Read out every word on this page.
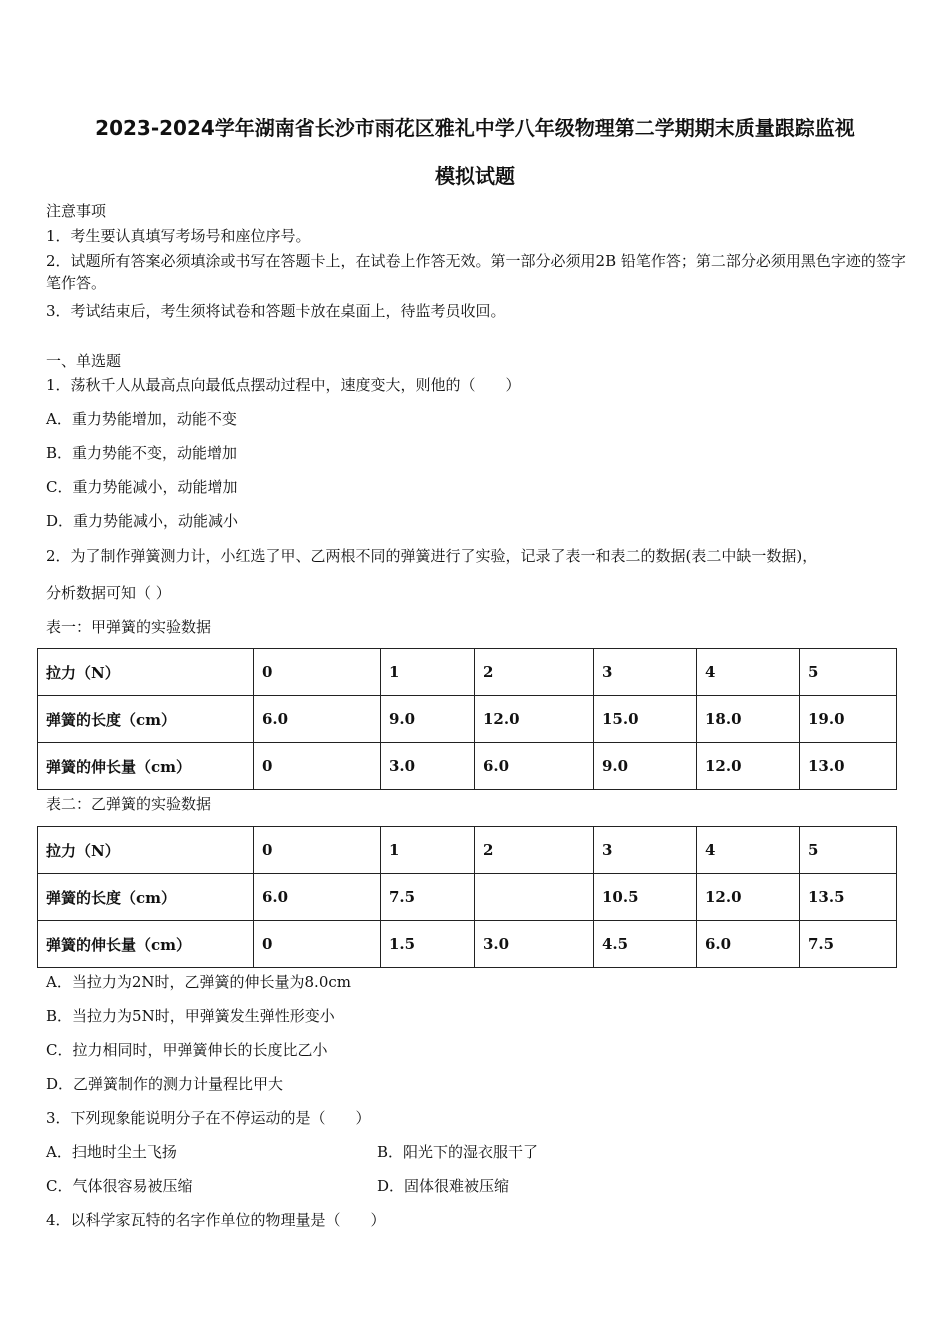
2023-2024学年湖南省长沙市雨花区雅礼中学八年级物理第二学期期末质量跟踪监视
模拟试题
注意事项
1．考生要认真填写考场号和座位序号。
2．试题所有答案必须填涂或书写在答题卡上，在试卷上作答无效。第一部分必须用2B 铅笔作答；第二部分必须用黑色字迹的签字笔作答。
3．考试结束后，考生须将试卷和答题卡放在桌面上，待监考员收回。
一、单选题
1．荡秋千人从最高点向最低点摆动过程中，速度变大，则他的（　　）
A．重力势能增加，动能不变
B．重力势能不变，动能增加
C．重力势能减小，动能增加
D．重力势能减小，动能减小
2．为了制作弹簧测力计，小红选了甲、乙两根不同的弹簧进行了实验，记录了表一和表二的数据(表二中缺一数据)，
分析数据可知（ ）
表一：甲弹簧的实验数据
拉力（N）	0	1	2	3	4	5
弹簧的长度（cm）	6.0	9.0	12.0	15.0	18.0	19.0
弹簧的伸长量（cm）	0	3.0	6.0	9.0	12.0	13.0
表二：乙弹簧的实验数据
拉力（N）	0	1	2	3	4	5
弹簧的长度（cm）	6.0	7.5		10.5	12.0	13.5
弹簧的伸长量（cm）	0	1.5	3.0	4.5	6.0	7.5
A．当拉力为2N时，乙弹簧的伸长量为8.0cm
B．当拉力为5N时，甲弹簧发生弹性形变小
C．拉力相同时，甲弹簧伸长的长度比乙小
D．乙弹簧制作的测力计量程比甲大
3．下列现象能说明分子在不停运动的是（　　）
A．扫地时尘土飞扬	B．阳光下的湿衣服干了
C．气体很容易被压缩	D．固体很难被压缩
4．以科学家瓦特的名字作单位的物理量是（　　）
